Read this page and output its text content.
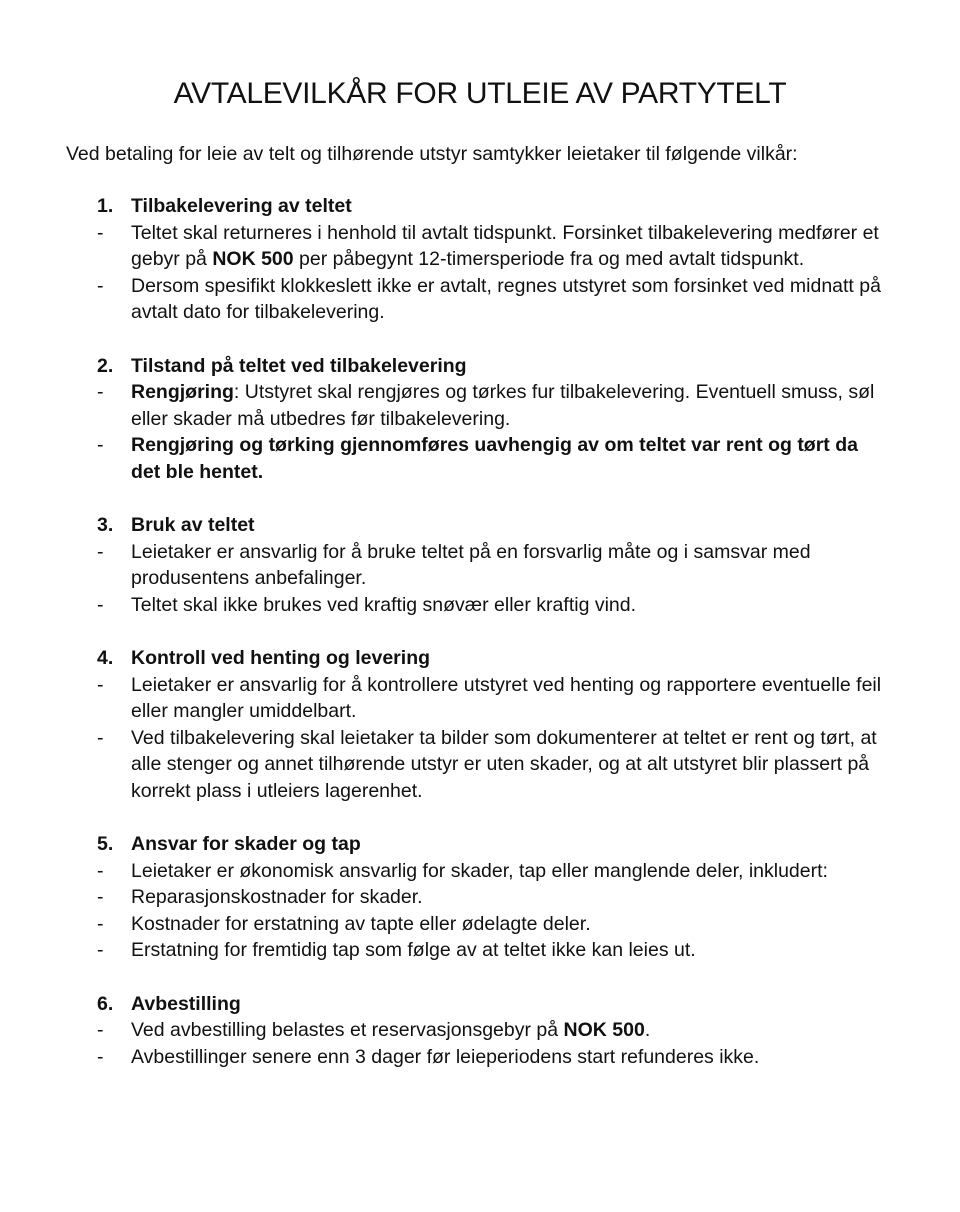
AVTALEVILKÅR FOR UTLEIE AV PARTYTELT

Ved betaling for leie av telt og tilhørende utstyr samtykker leietaker til følgende vilkår:

1. Tilbakelevering av teltet
- Teltet skal returneres i henhold til avtalt tidspunkt. Forsinket tilbakelevering medfører et gebyr på NOK 500 per påbegynt 12-timersperiode fra og med avtalt tidspunkt.
- Dersom spesifikt klokkeslett ikke er avtalt, regnes utstyret som forsinket ved midnatt på avtalt dato for tilbakelevering.
2. Tilstand på teltet ved tilbakelevering
- Rengjøring: Utstyret skal rengjøres og tørkes fur tilbakelevering. Eventuell smuss, søl eller skader må utbedres før tilbakelevering.
- Rengjøring og tørking gjennomføres uavhengig av om teltet var rent og tørt da det ble hentet.
3. Bruk av teltet
- Leietaker er ansvarlig for å bruke teltet på en forsvarlig måte og i samsvar med produsentens anbefalinger.
- Teltet skal ikke brukes ved kraftig snøvær eller kraftig vind.
4. Kontroll ved henting og levering
- Leietaker er ansvarlig for å kontrollere utstyret ved henting og rapportere eventuelle feil eller mangler umiddelbart.
- Ved tilbakelevering skal leietaker ta bilder som dokumenterer at teltet er rent og tørt, at alle stenger og annet tilhørende utstyr er uten skader, og at alt utstyret blir plassert på korrekt plass i utleiers lagerenhet.
5. Ansvar for skader og tap
- Leietaker er økonomisk ansvarlig for skader, tap eller manglende deler, inkludert:
- Reparasjonskostnader for skader.
- Kostnader for erstatning av tapte eller ødelagte deler.
- Erstatning for fremtidig tap som følge av at teltet ikke kan leies ut.
6. Avbestilling
- Ved avbestilling belastes et reservasjonsgebyr på NOK 500.
- Avbestillinger senere enn 3 dager før leieperiodens start refunderes ikke.
